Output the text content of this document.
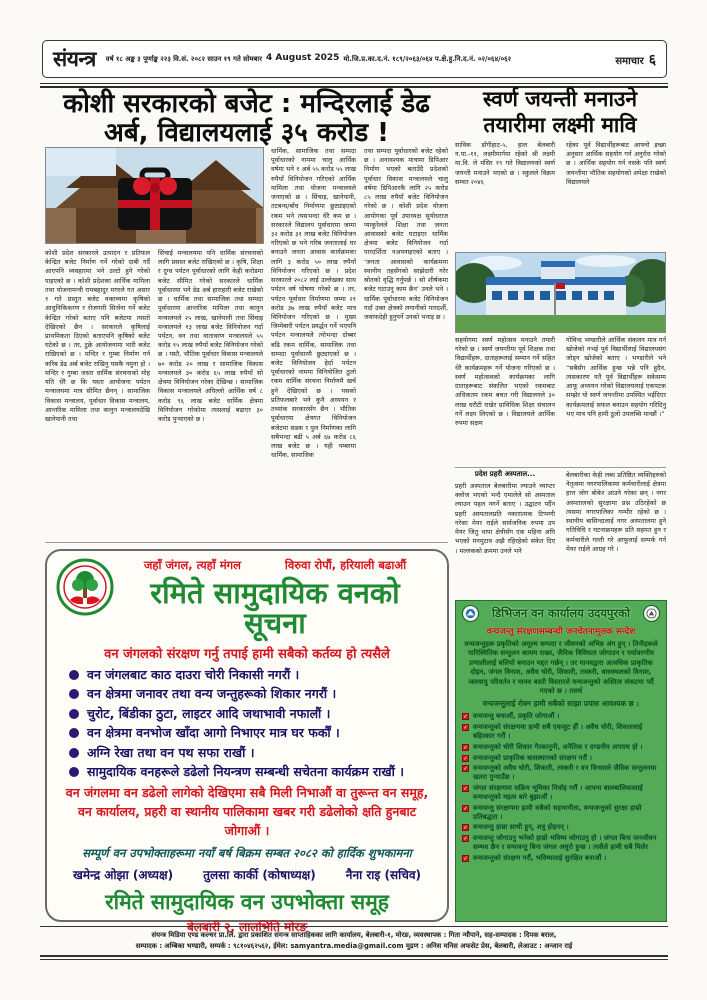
संयन्त्र वर्ष १८ अङ्क ३ पूर्णाङ्क २२३ वि.सं. २०८२ साउन १९ गते सोमबार 4 August 2025 मो.जि.प्र.का.द.नं. १८९/२०६३/०६४ प.क्षे.हु.नि.द.नं. ०२/०६४/०६२	समाचार ६
कोशी सरकारको बजेट : मन्दिरलाई डेढ अर्ब, विद्यालयलाई ३५ करोड !
स्वर्ण जयन्ती मनाउने तयारीमा लक्ष्मी मावि
कोशी प्रदेश सरकारले उत्पादन र प्रतिफल केन्द्रित बजेट निर्माण गर्ने गरेको दाबी गर्दै आएपनि व्यवहारमा भने उल्टो हुने गरेको पाइएको छ । कोशी प्रदेशका आर्थिक मामिला तथा योजनामन्त्री रामबहादुर मगरले गत असार १ गते प्रस्तुत बजेट वक्तव्यमा कृषिको आधुनिकिकरण र रोजगारी सिर्जना गर्ने बजेट केन्द्रित गरेको बताए पनि बजेटमा त्यस्तो देखिएको छैन । सरकारले कृषिलाई प्राथमिकता दिएको बताएपनि कृषिको बजेट घटेको छ । तर, टुक्रे आयोजनामा भारी बजेट राखिएको छ । मन्दिर र गुम्बा निर्माण गर्न करिब डेढ अर्ब बजेट राखिनु यसकै नमुना हो । मन्दिर र गुम्बा जस्ता धार्मिक संरचनाको मोह यति धेरै छ कि यस्ता आयोजना पर्यटन मन्त्रालयमा मात्र सीमित छैनन् । सामाजिक विकास मन्त्रालय, पूर्वाधार विकास मन्त्रालय, आन्तरिक मामिला तथा कानुन मन्त्रालयदेखि खानेपानी तथा
सिंचाई मन्त्रालयमा पनि धार्मिक संरचनाको लागि प्रसस्त बजेट राखिएको छ । कृषि, शिक्षा र दुग्ध पर्यटन पूर्वाधारको लागि केही करोडमा बजेट सीमित गरेको सरकारले धार्मिक पूर्वाधारमा भने डेढ अर्ब हाराहारी बजेट राखेको छ । धार्मिक तथा सामाजिक तथा सम्पदा पूर्वाधारमा आन्तरिक मामिला तथा कानुन मन्त्रालयले २५ लाख, खानेपानी तथा सिंचाइ मन्त्रालयले १३ लाख बजेट विनियोजन गर्दा पर्यटन, वन तथा वातावरण मन्त्रालयले ५५ करोड १५ लाख रुपैयाँ बजेट विनियोजन गरेको छ । यस्तै, भौतिक पूर्वाधार विकास मन्त्रालयले ७० करोड २० लाख र सामाजिक विकास मन्त्रालयले ३० करोड ६५ लाख रुपैयाँ सो क्षेत्रमा विनियोजन गरेका देखिन्छ । सामाजिक विकास मन्त्रालयले अघिल्लो आर्थिक वर्ष ८ करोड ९६ लाख बजेट धार्मिक क्षेत्रमा विनियोजन गरेकोमा त्यसलाई बढाएर ३० करोड पुर्‍याएको छ ।
धार्मिक, सामाजिक तथा सम्पदा पूर्वाधारको नाममा चालु आर्थिक वर्षमा भने १ अर्ब ५५ करोड ५५ लाख रुपैयाँ विनियोजन गरिएको आर्थिक मामिला तथा योजना मन्त्रालयले जनाएको छ । सिंचाइ, खानेपानी, तटबन्ध/बाँध निर्माणमा छुट्याइएको रकम भने त्यसभन्दा धेरै कम छ । सरकारले विद्यालय पूर्वाधारमा जम्मा ३२ करोड ३१ लाख बजेट विनियोजन गरिएको छ भने गरिब जनतालाई घर बनाउने जनता आवास कार्यक्रमका लागि ३ करोड ५० लाख रुपैयाँ विनियोजन गरिएको छ । प्रदेश सरकारले २०८२ लाई उल्लेखका साथ पर्यटन वर्ष घोषणा गरेको छ । तर, पर्यटन पूर्वाधार निर्माणमा जम्मा २१ करोड ३७ लाख रुपैयाँ बजेट मात्र विनियोजन गरिएको छ । मुख्य जिम्मेबारी पर्यटन प्रवर्द्धन गर्ने भएपनि पर्यटन मन्त्रालयले त्योभन्दा दोब्बर बढि रकम धार्मिक, सामाजिक तथा सम्पदा पूर्वाधारमै छुट्याएको छ । बजेट विनियोजन हेर्दा पर्यटन पूर्वाधारको नाममा विनियोजित ठुलो रकम धार्मिक संरचना निर्माणमै खर्च हुने देखिएको छ । यसको प्रतिफलबारे भने कुनै अध्ययन र तथ्यांक सरकारसँग छैन । भौतिक पूर्वाधारमा क्षेत्रगत विनियोजन बजेटमा सडक र पुल निर्माणका लागि सबैभन्दा बढी ५ अर्ब ६७ करोड ८६ लाख बजेट छ । यही नम्बरमा धार्मिक, सामाजिक
तथा सम्पदा पूर्वाधारको बजेट रहेको छ । अनावश्यक मात्रामा डिपिआर निर्माण भएको बताउँदै प्रदेशको पूर्वाधार विकास मन्त्रालयले चालु वर्षमा डिपिआरकै लागि २५ करोड ८५ लाख रुपैयाँ बजेट विनियोजन गरेको छ । कोशी प्रदेश योजना आयोगका पूर्व उपाध्यक्ष सुयोधराज प्याकुरेलले शिक्षा तथा जनता आवासको बजेट घटाइएर धार्मिक क्षेत्रमा बजेट विनियोजन गर्दा पारदर्शिता नअपनाइएको बताए । ‘जनता आवासको कार्यक्रममा स्थानीय तहसँगको साझेदारी गरेर स्रोतको वृद्धि गर्नुपर्छ । सो शीर्षकमा बजेट घटाउनु काम छैन’ उनले भने । धार्मिक पूर्वाधारमा बजेट विनियोजन गर्दा उक्त क्षेत्रको लगानीको पारदर्शी, जवाफदेही हुनुपर्ने उनको भनाइ छ ।
साविक डाँगीहाट-५, हाल बेलबारी न.पा.-११, लक्ष्मीमार्गमा रहेको श्री लक्ष्मी मा.वि. ले मंसिर १९ गते विद्यालयको स्वर्ण जयन्ती मनाउने भएको छ । स्कुलले विक्रम सम्वत २०४६
रहेका पूर्व विद्यार्थीहरूबाट आफ्नो इच्छा अनुसार आर्थिक सहयोग गर्न अनुरोध गरेको छ । आर्थिक सहयोग गर्न नसके पनि स्वर्ण जयन्तीमा भौतिक सहयोगको अपेक्षा राखेको विद्यालयले
सहयोगमा स्वर्ण महोत्सव मनाउने तयारी गरेको छ । स्वर्ण जयन्तीमा पूर्व शिक्षक तथा विद्यार्थीहरू, दाताहरूलाई सम्मान गर्ने सहित धेरै कार्यक्रमहरू गर्ने योजना गरिएको छ । स्वर्ण महोत्सवको कार्यक्रमका लागि दाताहरूबाट संकलित भएको रकमबाट अधिकतम रकम बचत गरी विद्यालयले ३० लाख धरौटी राखेर प्राविधिक शिक्षा संचालन गर्ने लक्ष्य लिएको छ । विद्यालयले आर्थिक रुपमा सक्षम
गोविन्द भण्डारीले आर्थिक संकलन मात्र गर्न खोजेको नभई पूर्व विद्यार्थीलाई विद्यालयसंग जोड्न खोजेको बताए । भण्डारीले भने “सबैसँग आर्थिक हुन्छ भन्ने पनि हुदैन, त्यसकारण यतै पूर्व विद्यार्थीहरू सकेसम्म आफू अध्ययन गरेको विद्यालयलाई एकपटक सम्झेर यो स्वर्ण जयन्तीमा उपस्थित भईदिएर कार्यक्रमलाई सफल बनाउन सहयोग गरिदिनु भए मात्र पनि हामी ठुलो उपलब्धि मान्छौं ।”
प्रदेश प्रहरी अस्पताल...
प्रहरी अस्पताल बेलबारीमा ल्याउने च्याप्टर क्लोज भएको भन्दै एमालेले सो अस्पताल ल्याउन पहल नगर्ने बताए । उद्घाटन पर्दैन प्रहरी अस्पतालप्रति नकारात्मक टिप्पणी गरेका मेयर राईले सार्वजनिक रुपमा उप मेयर जितु थापा क्षेत्रीसँग एक महिना अघि भएको मनमुटाव अझै रहिरहेको संकेत दिए । मल्लकको क्रममा उनले भने
बेलबारीका केही लब्ध प्रतिष्ठित व्यक्तिहरुको नेतृत्वमा नगरपालिकामा कर्मचारीलाई क्षेत्रमा हात्त जोग बोकेर आउने गरेका छन् । नगर अस्पतालको सुरक्षामा प्रश्न उठिरहेको छ त्यसमा नगरपालिका गम्भीर रहेको छ । स्थानीय बासिन्दालाई नगर अस्पतालमा हुने गतिविधि र घटनाक्रमहरू प्रति सहमत हुन र कर्मचारीले गल्ती गरे आफूलाई सम्पर्क गर्न मेयर राईले आग्रह गरे ।
जहाँ जंगल, त्यहाँ मंगल	विरुवा रोपौं, हरियाली बढाऔं
रमिते सामुदायिक वनको सूचना
वन जंगलको संरक्षण गर्नु तपाई हामी सबैको कर्तव्य हो त्यसैले
वन जंगलबाट काठ दाउरा चोरी निकासी नगरौं ।
वन क्षेत्रमा जनावर तथा वन्य जन्तुहरूको शिकार नगरौं ।
चुरोट, बिंडीका ठुटा, लाइटर आदि जथाभावी नफालौं ।
वन क्षेत्रमा वनभोज खाँदा आगो निभाएर मात्र घर फर्कौं ।
अग्नि रेखा तथा वन पथ सफा राखौं ।
सामुदायिक वनहरूले डढेलो नियन्त्रण सम्बन्धी सचेतना कार्यक्रम राखौं ।
वन जंगलमा वन डढेलो लागेको देखिएमा सबै मिली निभाऔं वा तुरून्त वन समूह, वन कार्यालय, प्रहरी वा स्थानीय पालिकामा खबर गरी डढेलोको क्षति हुनबाट जोगाऔं ।
सम्पूर्ण वन उपभोक्ताहरूमा नयाँ बर्ष बिक्रम सम्बत २०८२ को हार्दिक शुभकामना
खमेन्द्र ओझा (अध्यक्ष)	तुलसा कार्की (कोषाध्यक्ष)	नैना राइ (सचिव)
रमिते सामुदायिक वन उपभोक्ता समूह
बेलबारी २, लालभिति मोरङ
डिभिजन वन कार्यालय उदयपुरको
वन्यजन्तु संरक्षणसम्बन्धी जनचेतनामूलक सन्देश
वन्यजन्तुहरू प्रकृतिको अमूल्य सम्पदा र जीवनको अभिन्न अंग हुन् । तिनीहरूले पारिस्थितिक सन्तुलन कायम राख्न, जैविक विविधता जोगाउन र पर्यावरणीय प्रणालीलाई बलियो बनाउन मद्दत गर्छन् । तर मानवद्वारा अत्यधिक प्राकृतिक दोहन, जंगल विनाश, अवैध चोरी, शिकारी, तस्करी, बासस्थलको विनाश, जलवायु परिवर्तन र मानव बस्ती विस्तारले वन्यजन्तुको अस्तित्व संकटमा पर्दै गएको छ । तसर्थ
वन्यजन्तुलाई रोक्न हामी सबैको साझा प्रयास आवश्यक छ :
✓
वन्यजन्तु बचाऔं, प्रकृति जोगाऔं ।
✓
वन्यजन्तुको संरक्षणमा हामी सबै एकजुट हौं । अवैध चोरी, शिकारलाई बहिस्कार गरौं ।
✓
वन्यजन्तुको चोरी शिकार गैरकानुनी, अनैतिक र दण्डनीय अपराध हो ।
✓
वन्यजन्तुको प्राकृतिक बासस्थानको संरक्षण गरौं ।
✓
वन्यजन्तुको अवैध चोरी, शिकारी, तस्करी र वन विनाशले जैविक सन्तुलनमा खतरा पुर्‍याउँछ ।
✓
जंगल संरक्षणमा सक्रिय भूमिका निर्वाह गरौं । आफ्ना बालबालिकालाई वन्यजन्तुको महत्व बारे बुझाऔं ।
✓
वन्यजन्तु संरक्षणमा हामी सबैको सहभागीता, वन्यजन्तुको सुरक्षा हाम्रो प्रतिबद्धता ।
✓
वन्यजन्तु हाम्रा साथी हुन्, शत्रु होइनन् ।
✓
वन्यजन्तु जोगाउनु भनेको हाम्रो भविष्य जोगाउनु हो । जंगल बिना जनजीवन सम्भव छैन र वन्यजन्तु बिना जंगल अधुरो हुन्छ । त्यसैले हामी सबै मिलेर
✓
वन्यजन्तुको संरक्षण गरौं, भविष्यलाई सुरक्षित बनाऔं ।
संयन्त्र मिडिया एण्ड कल्चर प्रा.लि. द्वारा प्रकाशित संयन्त्र साप्ताहिकका लागि कार्यालय, बेलबारी-१, मोरङ, व्यवस्थापक : गिता न्यौपाने, सह-सम्पादक : दिपक बराल,
सम्पादक : अम्बिका भण्डारी, सम्पर्क : ९८१०४६२५६२, ईमेल: samyantra.media@gmail.com मुद्रण : अनिस मनिस अफसेट प्रेस, बेलबारी, लेआउट : अन्जान राई
